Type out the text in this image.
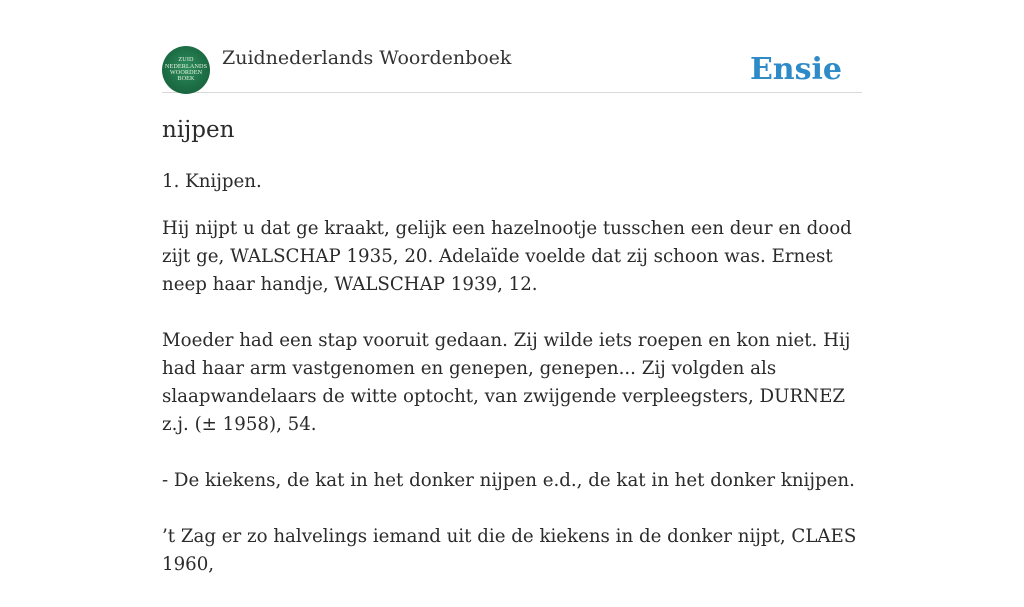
ZUID
NEDERLANDS
WOORDEN
BOEK
Zuidnederlands Woordenboek	Ensie
nijpen

1. Knijpen.

Hij nijpt u dat ge kraakt, gelijk een hazelnootje tusschen een deur en dood zijt ge, WALSCHAP 1935, 20. Adelaïde voelde dat zij schoon was. Ernest neep haar handje, WALSCHAP 1939, 12.

Moeder had een stap vooruit gedaan. Zij wilde iets roepen en kon niet. Hij had haar arm vastgenomen en genepen, genepen... Zij volgden als slaapwandelaars de witte optocht, van zwijgende verpleegsters, DURNEZ z.j. (± 1958), 54.

- De kiekens, de kat in het donker nijpen e.d., de kat in het donker knijpen.

’t Zag er zo halvelings iemand uit die de kiekens in de donker nijpt, CLAES 1960,
